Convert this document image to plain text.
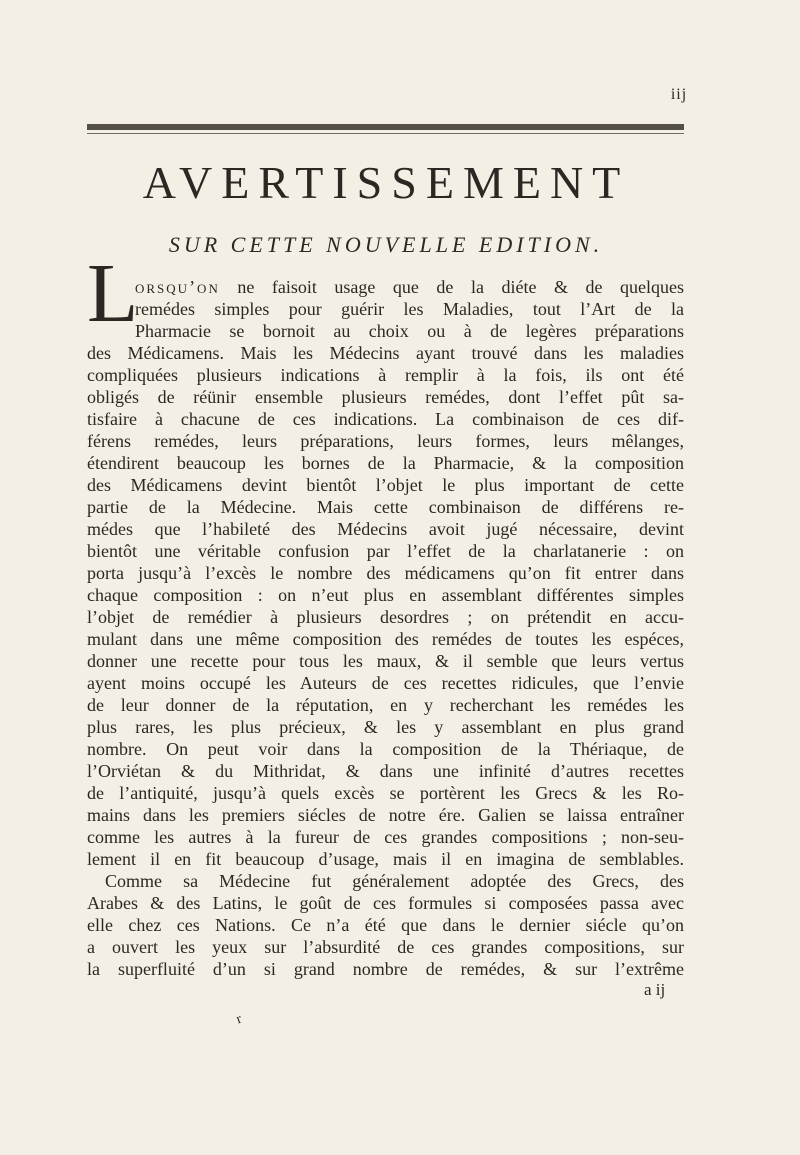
iij
AVERTISSEMENT
SUR CETTE NOUVELLE EDITION.
L
orsqu’on ne faisoit usage que de la diéte & de quelques
remédes simples pour guérir les Maladies, tout l’Art de la
Pharmacie se bornoit au choix ou à de legères préparations
des Médicamens. Mais les Médecins ayant trouvé dans les maladies
compliquées plusieurs indications à remplir à la fois, ils ont été
obligés de réünir ensemble plusieurs remédes, dont l’effet pût sa-
tisfaire à chacune de ces indications. La combinaison de ces dif-
férens remédes, leurs préparations, leurs formes, leurs mêlanges,
étendirent beaucoup les bornes de la Pharmacie, & la composition
des Médicamens devint bientôt l’objet le plus important de cette
partie de la Médecine. Mais cette combinaison de différens re-
médes que l’habileté des Médecins avoit jugé nécessaire, devint
bientôt une véritable confusion par l’effet de la charlatanerie : on
porta jusqu’à l’excès le nombre des médicamens qu’on fit entrer dans
chaque composition : on n’eut plus en assemblant différentes simples
l’objet de remédier à plusieurs desordres ; on prétendit en accu-
mulant dans une même composition des remédes de toutes les espéces,
donner une recette pour tous les maux, & il semble que leurs vertus
ayent moins occupé les Auteurs de ces recettes ridicules, que l’envie
de leur donner de la réputation, en y recherchant les remédes les
plus rares, les plus précieux, & les y assemblant en plus grand
nombre. On peut voir dans la composition de la Thériaque, de
l’Orviétan & du Mithridat, & dans une infinité d’autres recettes
de l’antiquité, jusqu’à quels excès se portèrent les Grecs & les Ro-
mains dans les premiers siécles de notre ére. Galien se laissa entraîner
comme les autres à la fureur de ces grandes compositions ; non-seu-
lement il en fit beaucoup d’usage, mais il en imagina de semblables.
Comme sa Médecine fut généralement adoptée des Grecs, des
Arabes & des Latins, le goût de ces formules si composées passa avec
elle chez ces Nations. Ce n’a été que dans le dernier siécle qu’on
a ouvert les yeux sur l’absurdité de ces grandes compositions, sur
la superfluité d’un si grand nombre de remédes, & sur l’extrême
a ij
r
